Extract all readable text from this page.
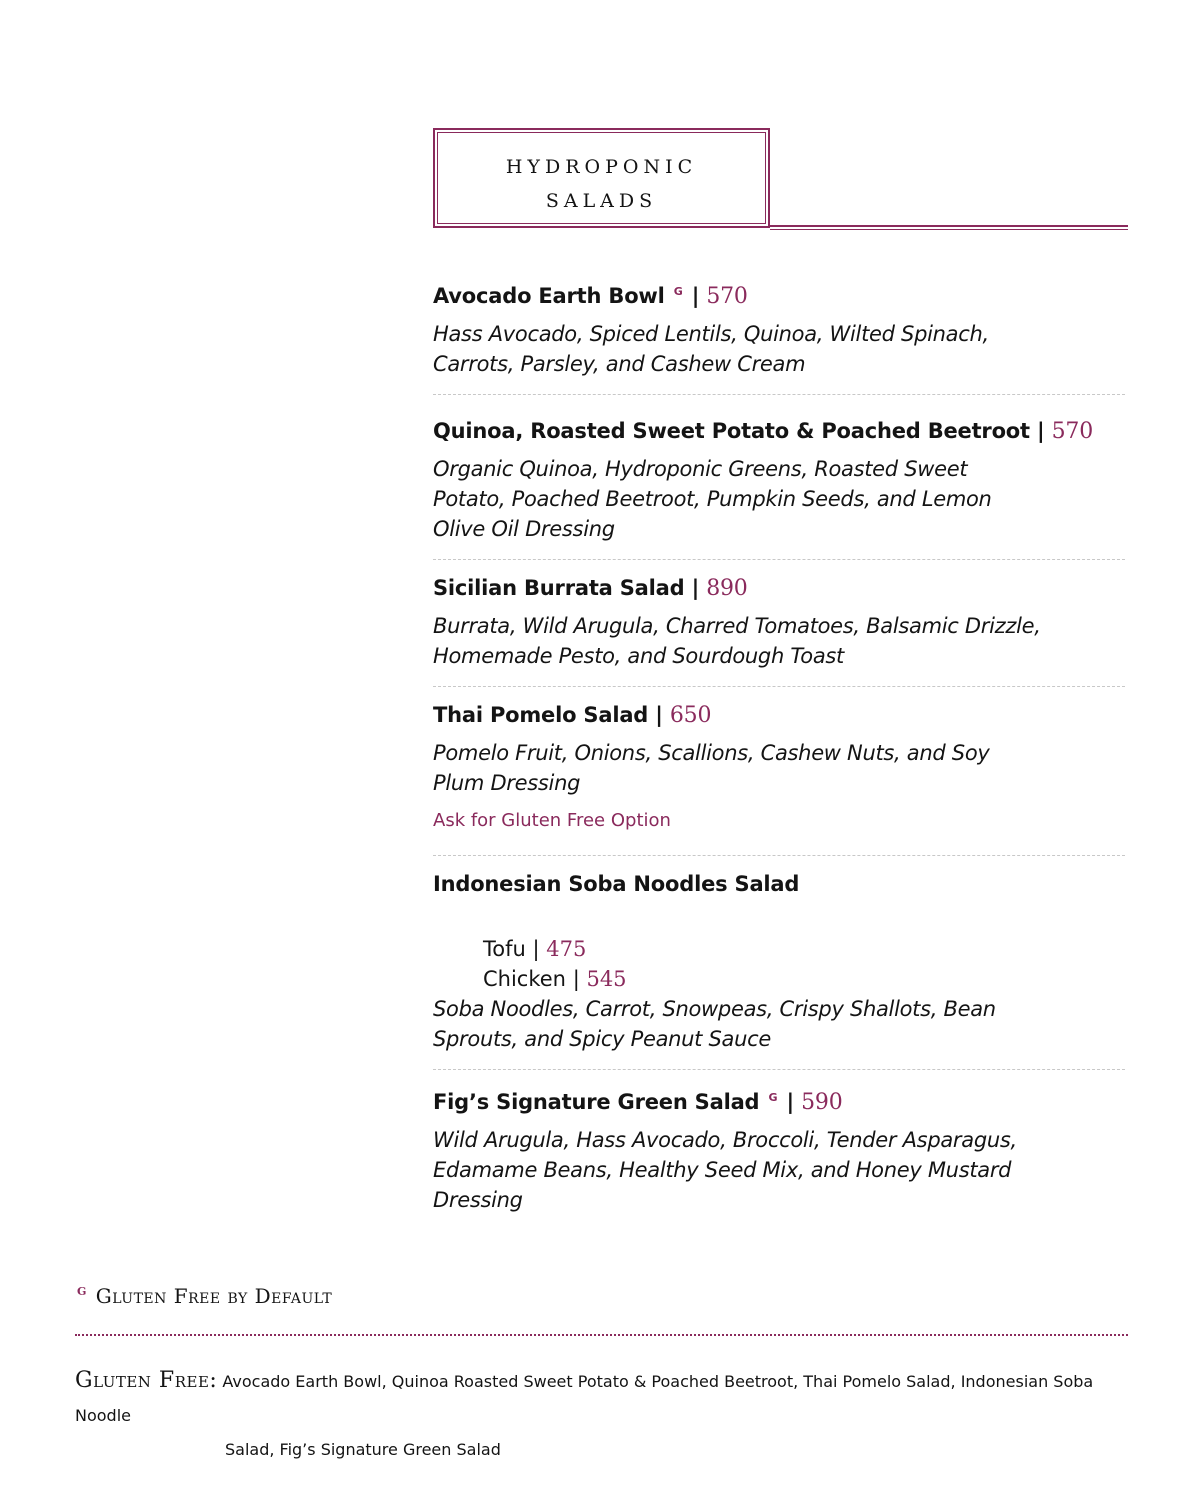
HYDROPONIC
SALADS
Avocado Earth Bowl $^G$ | 570
Hass Avocado, Spiced Lentils, Quinoa, Wilted Spinach, Carrots, Parsley, and Cashew Cream
Quinoa, Roasted Sweet Potato & Poached Beetroot | 570
Organic Quinoa, Hydroponic Greens, Roasted Sweet Potato, Poached Beetroot, Pumpkin Seeds, and Lemon Olive Oil Dressing
Sicilian Burrata Salad | 890
Burrata, Wild Arugula, Charred Tomatoes, Balsamic Drizzle, Homemade Pesto, and Sourdough Toast
Thai Pomelo Salad | 650
Pomelo Fruit, Onions, Scallions, Cashew Nuts, and Soy Plum Dressing
Ask for Gluten Free Option
Indonesian Soba Noodles Salad
Tofu | 475
Chicken | 545
Soba Noodles, Carrot, Snowpeas, Crispy Shallots, Bean Sprouts, and Spicy Peanut Sauce
Fig’s Signature Green Salad $^G$ | 590
Wild Arugula, Hass Avocado, Broccoli, Tender Asparagus, Edamame Beans, Healthy Seed Mix, and Honey Mustard Dressing
$^G$ Gluten Free by Default
Gluten Free: Avocado Earth Bowl, Quinoa Roasted Sweet Potato & Poached Beetroot, Thai Pomelo Salad, Indonesian Soba Noodle
Salad, Fig’s Signature Green Salad
